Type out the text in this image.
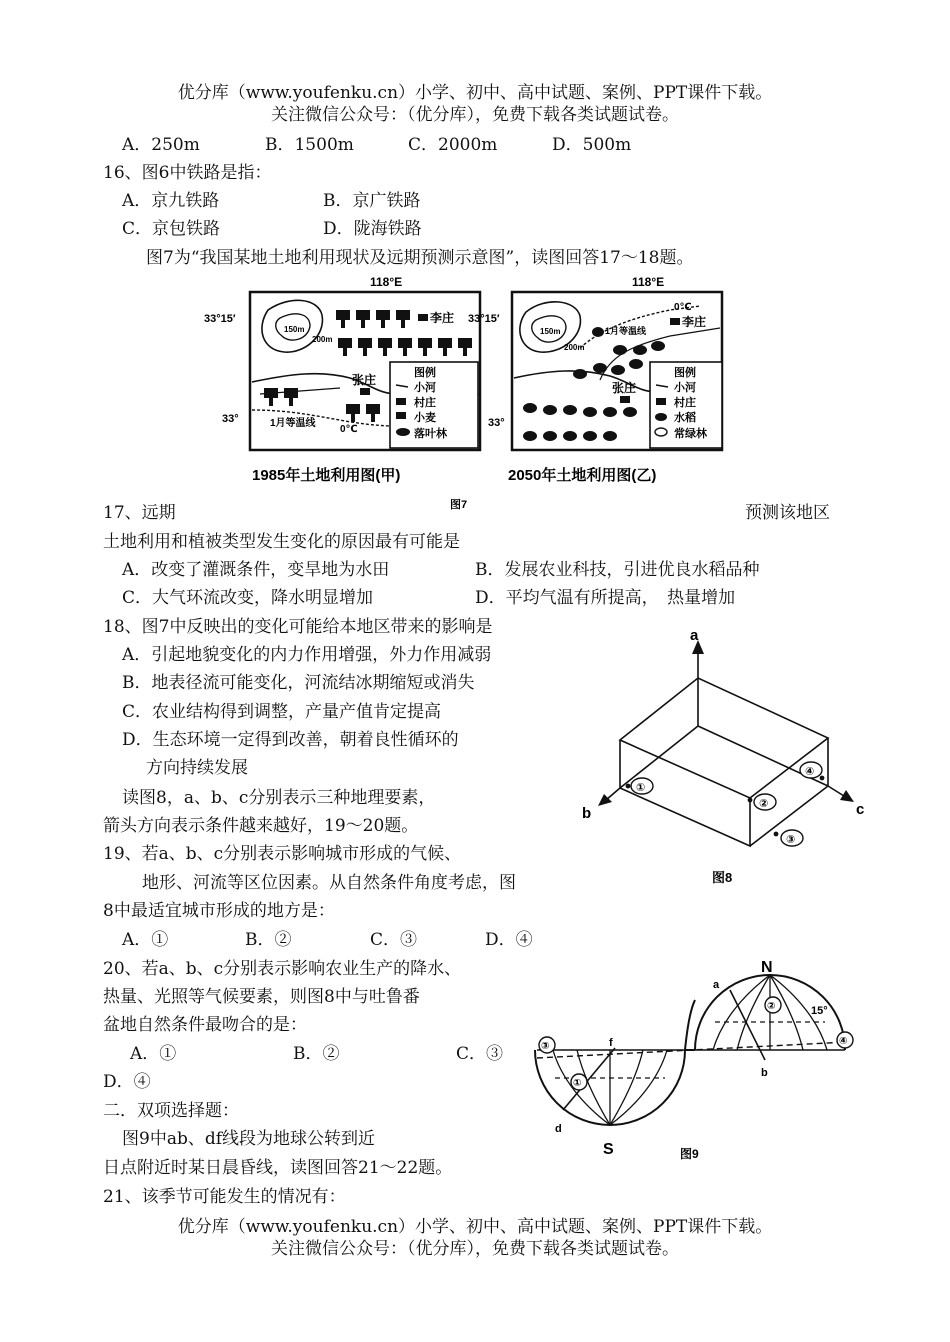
优分库（www.youfenku.cn）小学、初中、高中试题、案例、PPT课件下载。
关注微信公众号：（优分库），免费下载各类试题试卷。
A．250m	B．1500m	C．2000m	D．500m
16、图6中铁路是指：
A．京九铁路	B．京广铁路
C．京包铁路	D．陇海铁路
图7为“我国某地土地利用现状及远期预测示意图”，读图回答17～18题。
118°E
33°15′
33°
150m
200m
1月等温线
0℃
李庄
张庄	图例
小河
村庄
小麦
落叶林
1985年土地利用图(甲)
118°E
33°15′
33°
150m
200m
1月等温线
0℃
李庄
张庄
图例
小河
村庄
水稻
常绿林
2050年土地利用图(乙)
图7
17、远期	预测该地区
土地利用和植被类型发生变化的原因最有可能是
A．改变了灌溉条件，变旱地为水田	B．发展农业科技，引进优良水稻品种
C．大气环流改变，降水明显增加	D．平均气温有所提高，　热量增加
18、图7中反映出的变化可能给本地区带来的影响是
A．引起地貌变化的内力作用增强，外力作用减弱
B．地表径流可能变化，河流结冰期缩短或消失
C．农业结构得到调整，产量产值肯定提高
D．生态环境一定得到改善，朝着良性循环的
方向持续发展
读图8，a、b、c分别表示三种地理要素，
箭头方向表示条件越来越好，19～20题。
a
b	c
①
②
③
④
图8
19、若a、b、c分别表示影响城市形成的气候、
地形、河流等区位因素。从自然条件角度考虑，图
8中最适宜城市形成的地方是：
A．①	B．②	C．③	D．④
20、若a、b、c分别表示影响农业生产的降水、
热量、光照等气候要素，则图8中与吐鲁番
盆地自然条件最吻合的是：
A．①	B．②	C．③
D．④
二．双项选择题：
图9中ab、df线段为地球公转到近
日点附近时某日晨昏线，读图回答21～22题。
N
S
a
b
d
f
15°
③
①
②
④
图9
21、该季节可能发生的情况有：
优分库（www.youfenku.cn）小学、初中、高中试题、案例、PPT课件下载。
关注微信公众号：（优分库），免费下载各类试题试卷。
